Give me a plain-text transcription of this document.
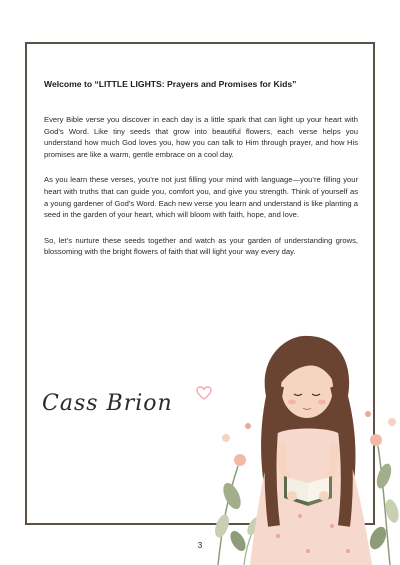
Welcome to “LITTLE LIGHTS: Prayers and Promises for Kids”

Every Bible verse you discover in each day is a little spark that can light up your heart with God’s Word. Like tiny seeds that grow into beautiful flowers, each verse helps you understand how much God loves you, how you can talk to Him through prayer, and how His promises are like a warm, gentle embrace on a cool day.

As you learn these verses, you’re not just filling your mind with language—you’re filling your heart with truths that can guide you, comfort you, and give you strength. Think of yourself as a young gardener of God’s Word. Each new verse you learn and understand is like planting a seed in the garden of your heart, which will bloom with faith, hope, and love.

So, let’s nurture these seeds together and watch as your garden of understanding grows, blossoming with the bright flowers of faith that will light your way every day.

Cass Brion
3
